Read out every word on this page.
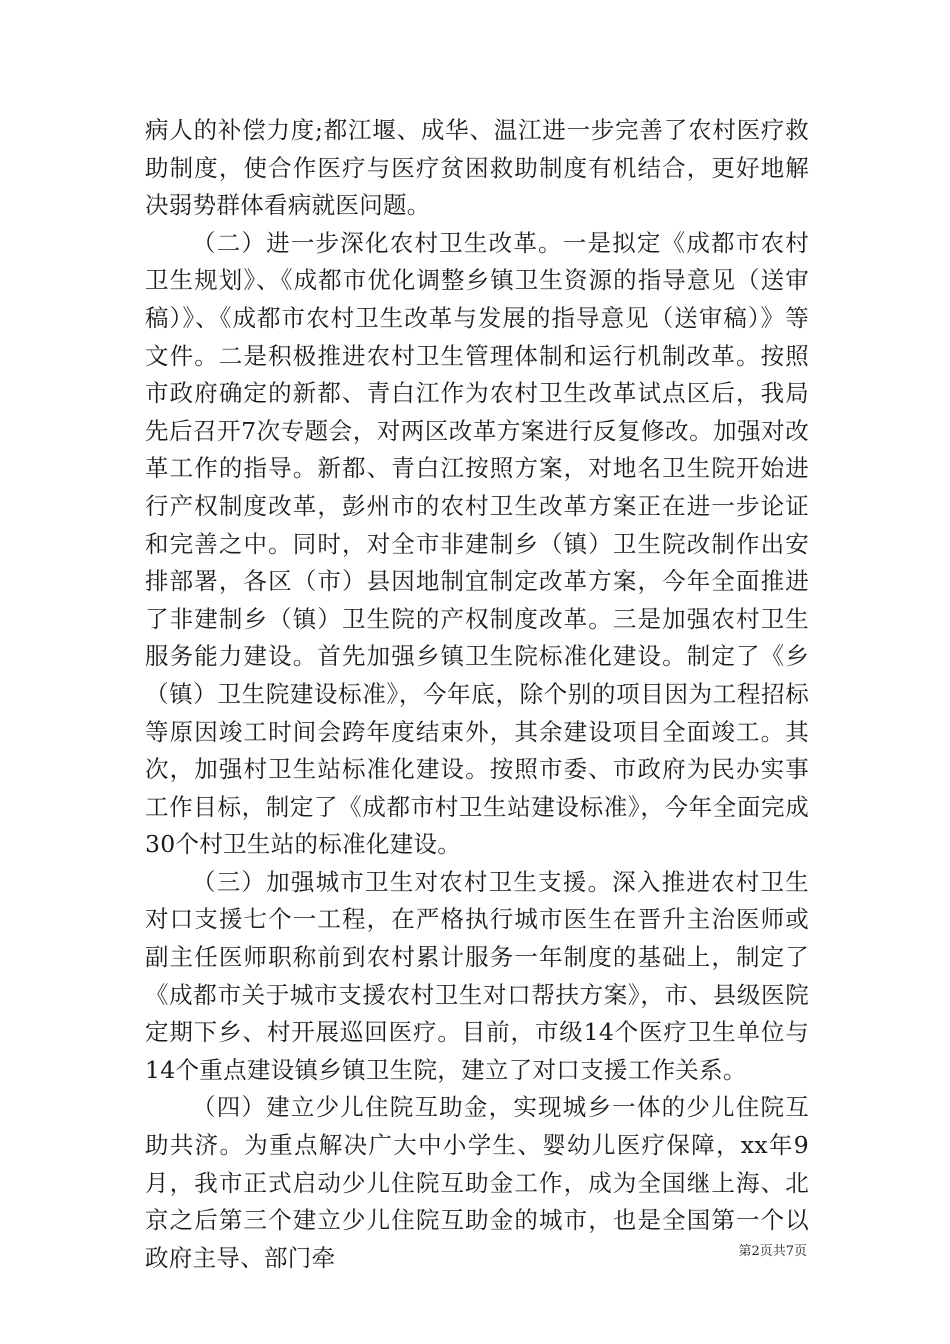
病人的补偿力度;都江堰、成华、温江进一步完善了农村医疗救助制度，使合作医疗与医疗贫困救助制度有机结合，更好地解决弱势群体看病就医问题。

（二）进一步深化农村卫生改革。一是拟定《成都市农村卫生规划》、《成都市优化调整乡镇卫生资源的指导意见（送审稿）》、《成都市农村卫生改革与发展的指导意见（送审稿）》等文件。二是积极推进农村卫生管理体制和运行机制改革。按照市政府确定的新都、青白江作为农村卫生改革试点区后，我局先后召开7次专题会，对两区改革方案进行反复修改。加强对改革工作的指导。新都、青白江按照方案，对地名卫生院开始进行产权制度改革，彭州市的农村卫生改革方案正在进一步论证和完善之中。同时，对全市非建制乡（镇）卫生院改制作出安排部署，各区（市）县因地制宜制定改革方案，今年全面推进了非建制乡（镇）卫生院的产权制度改革。三是加强农村卫生服务能力建设。首先加强乡镇卫生院标准化建设。制定了《乡（镇）卫生院建设标准》，今年底，除个别的项目因为工程招标等原因竣工时间会跨年度结束外，其余建设项目全面竣工。其次，加强村卫生站标准化建设。按照市委、市政府为民办实事工作目标，制定了《成都市村卫生站建设标准》，今年全面完成30个村卫生站的标准化建设。

（三）加强城市卫生对农村卫生支援。深入推进农村卫生对口支援七个一工程，在严格执行城市医生在晋升主治医师或副主任医师职称前到农村累计服务一年制度的基础上，制定了《成都市关于城市支援农村卫生对口帮扶方案》，市、县级医院定期下乡、村开展巡回医疗。目前，市级14个医疗卫生单位与14个重点建设镇乡镇卫生院，建立了对口支援工作关系。

（四）建立少儿住院互助金，实现城乡一体的少儿住院互助共济。为重点解决广大中小学生、婴幼儿医疗保障，xx年9月，我市正式启动少儿住院互助金工作，成为全国继上海、北京之后第三个建立少儿住院互助金的城市，也是全国第一个以政府主导、部门牵	第2页共7页
